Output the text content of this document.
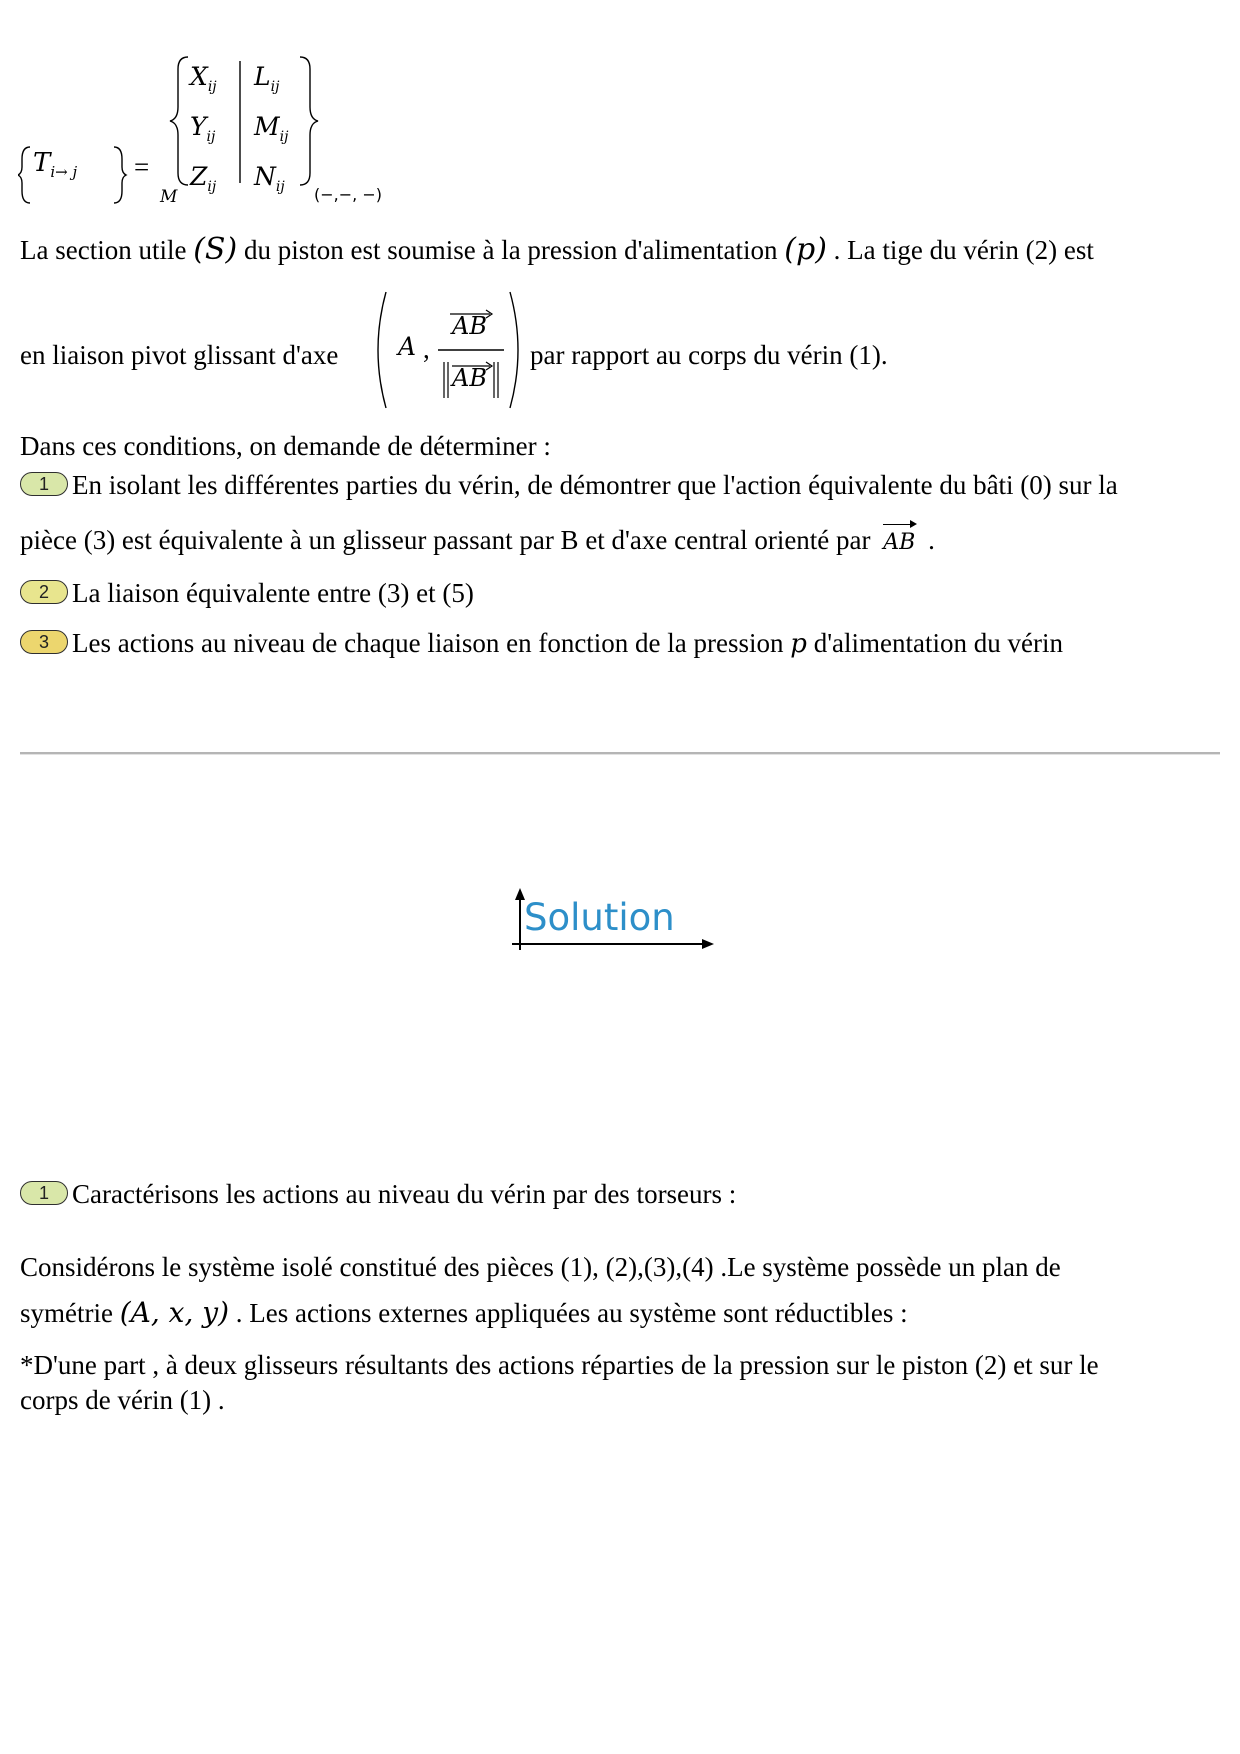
$T_{i\to j}$ =
M
$X_{ij}$
$Y_{ij}$
$Z_{ij}$
$L_{ij}$
$M_{ij}$
$N_{ij}$ (−,−, −)
La section utile (S) du piston est soumise à la pression d'alimentation (p) . La tige du vérin (2) est
en liaison pivot glissant d'axe A ,
AB
AB
par rapport au corps du vérin (1).
Dans ces conditions, on demande de déterminer :
1 En isolant les différentes parties du vérin, de démontrer que l'action équivalente du bâti (0) sur la
pièce (3) est équivalente à un glisseur passant par B et d'axe central orienté par AB .
2 La liaison équivalente entre (3) et (5)
3 Les actions au niveau de chaque liaison en fonction de la pression p d'alimentation du vérin
Solution
1 Caractérisons les actions au niveau du vérin par des torseurs :
Considérons le système isolé constitué des pièces (1), (2),(3),(4) .Le système possède un plan de
symétrie (A, x, y) . Les actions externes appliquées au système sont réductibles :
*D'une part , à deux glisseurs résultants des actions réparties de la pression sur le piston (2) et sur le
corps de vérin (1) .
